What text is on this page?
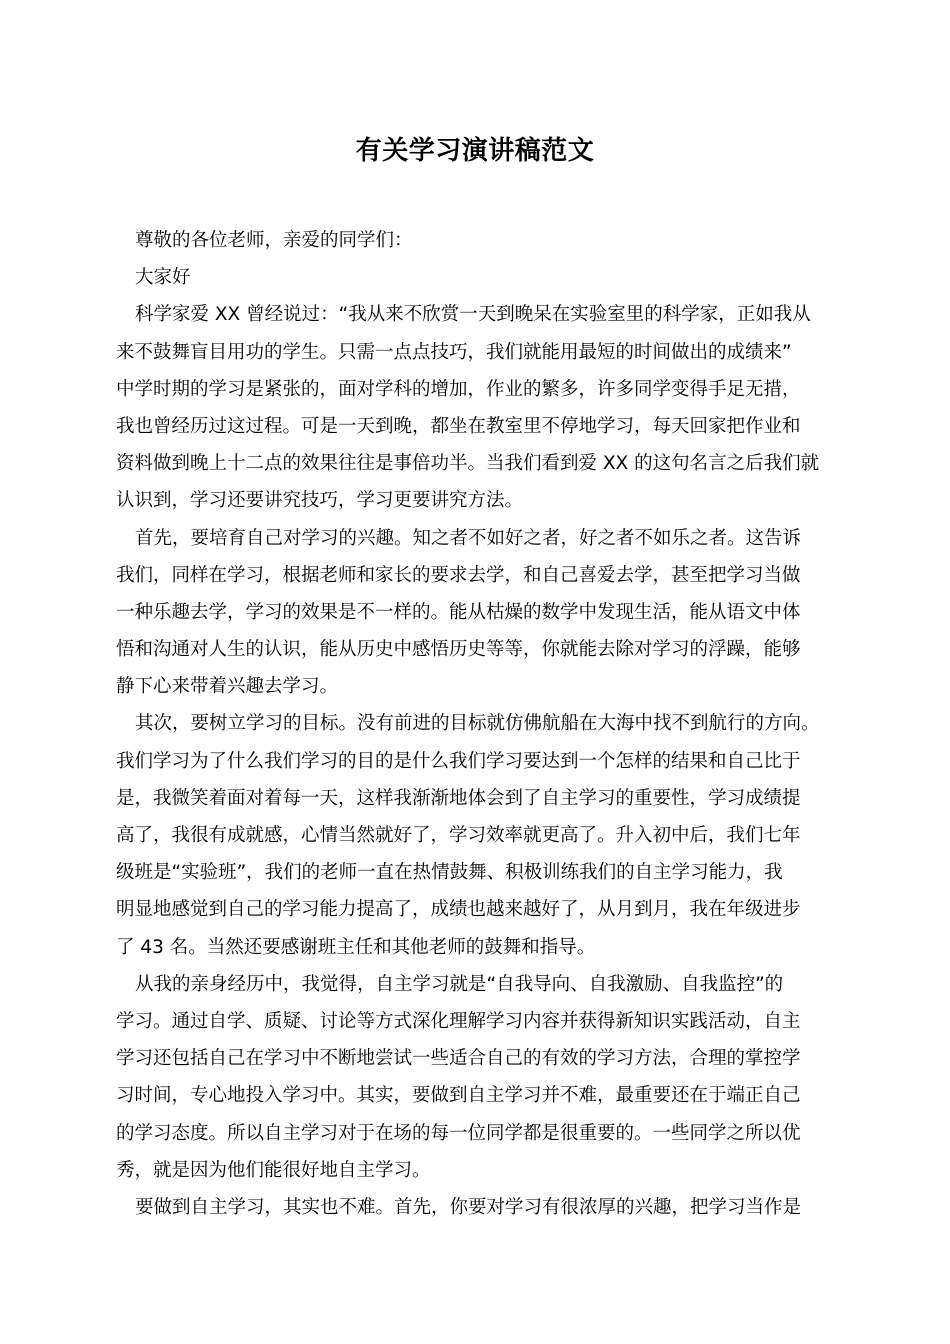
有关学习演讲稿范文
尊敬的各位老师，亲爱的同学们：
大家好
科学家爱 XX 曾经说过：“我从来不欣赏一天到晚呆在实验室里的科学家，正如我从
来不鼓舞盲目用功的学生。只需一点点技巧，我们就能用最短的时间做出的成绩来”
中学时期的学习是紧张的，面对学科的增加，作业的繁多，许多同学变得手足无措，
我也曾经历过这过程。可是一天到晚，都坐在教室里不停地学习，每天回家把作业和
资料做到晚上十二点的效果往往是事倍功半。当我们看到爱 XX 的这句名言之后我们就
认识到，学习还要讲究技巧，学习更要讲究方法。
首先，要培育自己对学习的兴趣。知之者不如好之者，好之者不如乐之者。这告诉
我们，同样在学习，根据老师和家长的要求去学，和自己喜爱去学，甚至把学习当做
一种乐趣去学，学习的效果是不一样的。能从枯燥的数学中发现生活，能从语文中体
悟和沟通对人生的认识，能从历史中感悟历史等等，你就能去除对学习的浮躁，能够
静下心来带着兴趣去学习。
其次，要树立学习的目标。没有前进的目标就仿佛航船在大海中找不到航行的方向。
我们学习为了什么我们学习的目的是什么我们学习要达到一个怎样的结果和自己比于
是，我微笑着面对着每一天，这样我渐渐地体会到了自主学习的重要性，学习成绩提
高了，我很有成就感，心情当然就好了，学习效率就更高了。升入初中后，我们七年
级班是“实验班”，我们的老师一直在热情鼓舞、积极训练我们的自主学习能力，我
明显地感觉到自己的学习能力提高了，成绩也越来越好了，从月到月，我在年级进步
了 43 名。当然还要感谢班主任和其他老师的鼓舞和指导。
从我的亲身经历中，我觉得，自主学习就是“自我导向、自我激励、自我监控”的
学习。通过自学、质疑、讨论等方式深化理解学习内容并获得新知识实践活动，自主
学习还包括自己在学习中不断地尝试一些适合自己的有效的学习方法，合理的掌控学
习时间，专心地投入学习中。其实，要做到自主学习并不难，最重要还在于端正自己
的学习态度。所以自主学习对于在场的每一位同学都是很重要的。一些同学之所以优
秀，就是因为他们能很好地自主学习。
要做到自主学习，其实也不难。首先，你要对学习有很浓厚的兴趣，把学习当作是
